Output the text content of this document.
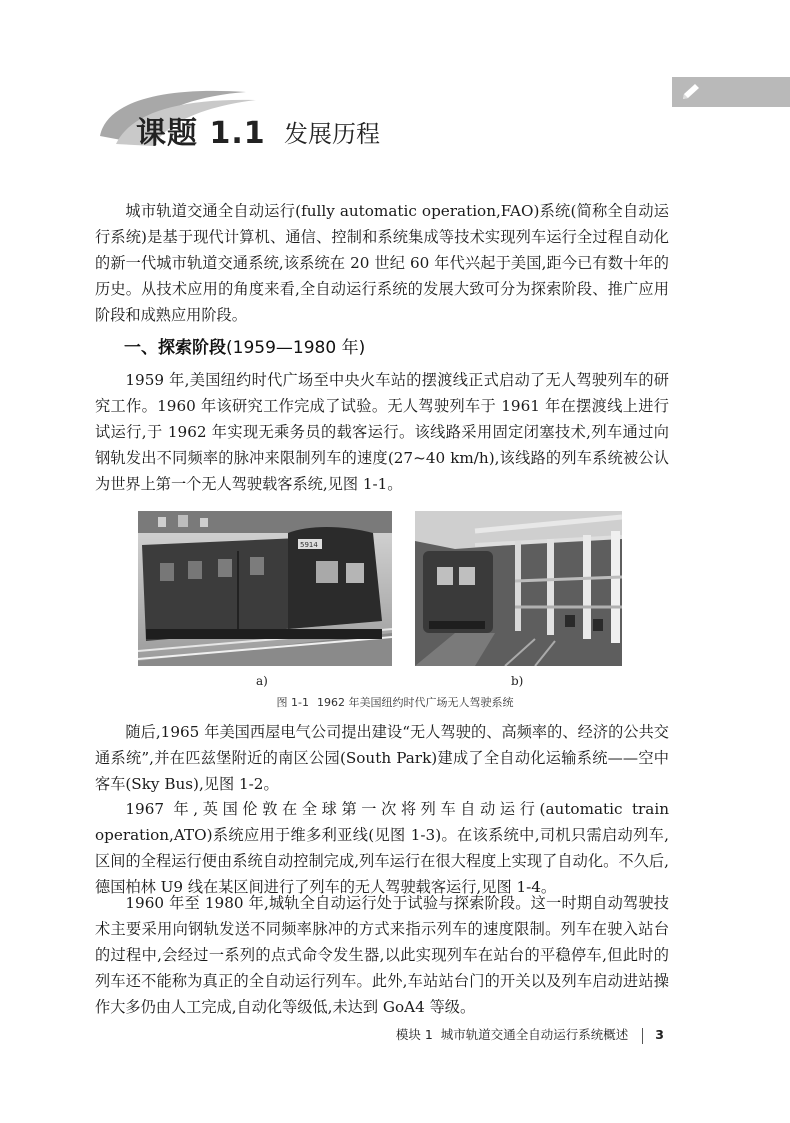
课题 1.1 发展历程

城市轨道交通全自动运行(fully automatic operation,FAO)系统(简称全自动运行系统)是基于现代计算机、通信、控制和系统集成等技术实现列车运行全过程自动化的新一代城市轨道交通系统,该系统在 20 世纪 60 年代兴起于美国,距今已有数十年的历史。从技术应用的角度来看,全自动运行系统的发展大致可分为探索阶段、推广应用阶段和成熟应用阶段。

一、探索阶段(1959—1980 年)

1959 年,美国纽约时代广场至中央火车站的摆渡线正式启动了无人驾驶列车的研究工作。1960 年该研究工作完成了试验。无人驾驶列车于 1961 年在摆渡线上进行试运行,于 1962 年实现无乘务员的载客运行。该线路采用固定闭塞技术,列车通过向钢轨发出不同频率的脉冲来限制列车的速度(27~40 km/h),该线路的列车系统被公认为世界上第一个无人驾驶载客系统,见图 1-1。

5914
a)	b)
图 1-1 1962 年美国纽约时代广场无人驾驶系统

随后,1965 年美国西屋电气公司提出建设“无人驾驶的、高频率的、经济的公共交通系统”,并在匹兹堡附近的南区公园(South Park)建成了全自动化运输系统——空中客车(Sky Bus),见图 1-2。

1967 年,英国伦敦在全球第一次将列车自动运行(automatic train operation,ATO)系统应用于维多利亚线(见图 1-3)。在该系统中,司机只需启动列车,区间的全程运行便由系统自动控制完成,列车运行在很大程度上实现了自动化。不久后,德国柏林 U9 线在某区间进行了列车的无人驾驶载客运行,见图 1-4。

1960 年至 1980 年,城轨全自动运行处于试验与探索阶段。这一时期自动驾驶技术主要采用向钢轨发送不同频率脉冲的方式来指示列车的速度限制。列车在驶入站台的过程中,会经过一系列的点式命令发生器,以此实现列车在站台的平稳停车,但此时的列车还不能称为真正的全自动运行列车。此外,车站站台门的开关以及列车启动进站操作大多仍由人工完成,自动化等级低,未达到 GoA4 等级。

模块 1 城市轨道交通全自动运行系统概述 3
